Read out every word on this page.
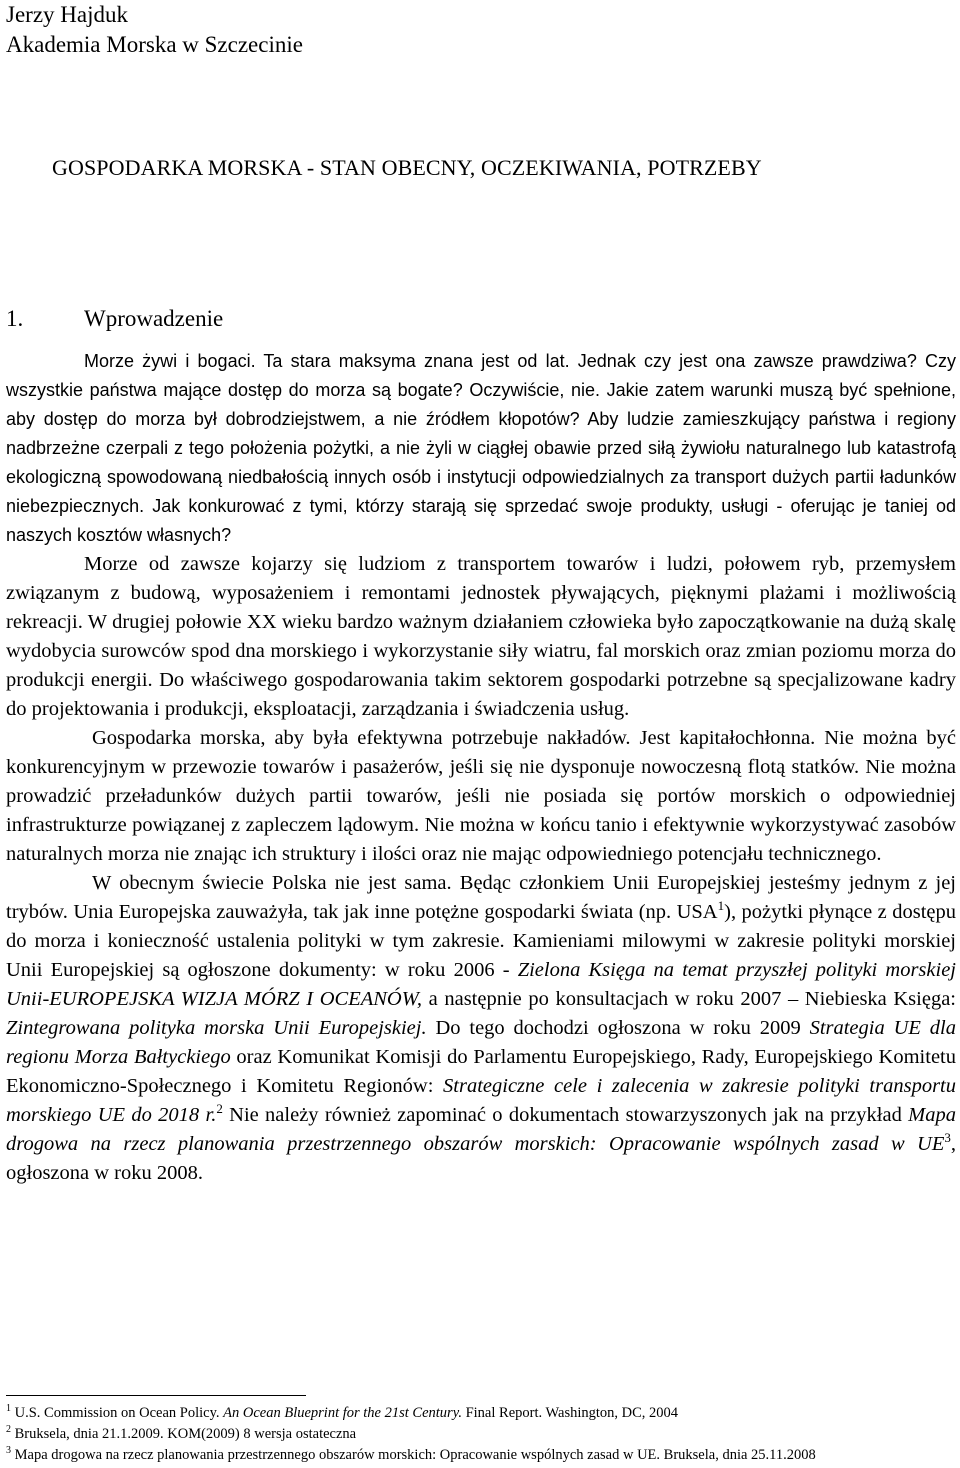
Jerzy Hajduk
Akademia Morska w Szczecinie
GOSPODARKA MORSKA - STAN OBECNY, OCZEKIWANIA, POTRZEBY
1.	Wprowadzenie

Morze żywi i bogaci. Ta stara maksyma znana jest od lat. Jednak czy jest ona zawsze prawdziwa? Czy wszystkie państwa mające dostęp do morza są bogate? Oczywiście, nie. Jakie zatem warunki muszą być spełnione, aby dostęp do morza był dobrodziejstwem, a nie źródłem kłopotów? Aby ludzie zamieszkujący państwa i regiony nadbrzeżne czerpali z tego położenia pożytki, a nie żyli w ciągłej obawie przed siłą żywiołu naturalnego lub katastrofą ekologiczną spowodowaną niedbałością innych osób i instytucji odpowiedzialnych za transport dużych partii ładunków niebezpiecznych. Jak konkurować z tymi, którzy starają się sprzedać swoje produkty, usługi - oferując je taniej od naszych kosztów własnych?

Morze od zawsze kojarzy się ludziom z transportem towarów i ludzi, połowem ryb, przemysłem związanym z budową, wyposażeniem i remontami jednostek pływających, pięknymi plażami i możliwością rekreacji. W drugiej połowie XX wieku bardzo ważnym działaniem człowieka było zapoczątkowanie na dużą skalę wydobycia surowców spod dna morskiego i wykorzystanie siły wiatru, fal morskich oraz zmian poziomu morza do produkcji energii. Do właściwego gospodarowania takim sektorem gospodarki potrzebne są specjalizowane kadry do projektowania i produkcji, eksploatacji, zarządzania i świadczenia usług.

Gospodarka morska, aby była efektywna potrzebuje nakładów. Jest kapitałochłonna. Nie można być konkurencyjnym w przewozie towarów i pasażerów, jeśli się nie dysponuje nowoczesną flotą statków. Nie można prowadzić przeładunków dużych partii towarów, jeśli nie posiada się portów morskich o odpowiedniej infrastrukturze powiązanej z zapleczem lądowym. Nie można w końcu tanio i efektywnie wykorzystywać zasobów naturalnych morza nie znając ich struktury i ilości oraz nie mając odpowiedniego potencjału technicznego.

W obecnym świecie Polska nie jest sama. Będąc członkiem Unii Europejskiej jesteśmy jednym z jej trybów. Unia Europejska zauważyła, tak jak inne potężne gospodarki świata (np. USA$^1$), pożytki płynące z dostępu do morza i konieczność ustalenia polityki w tym zakresie. Kamieniami milowymi w zakresie polityki morskiej Unii Europejskiej są ogłoszone dokumenty: w roku 2006 - Zielona Księga na temat przyszłej polityki morskiej Unii-EUROPEJSKA WIZJA MÓRZ I OCEANÓW, a następnie po konsultacjach w roku 2007 – Niebieska Księga: Zintegrowana polityka morska Unii Europejskiej. Do tego dochodzi ogłoszona w roku 2009 Strategia UE dla regionu Morza Bałtyckiego oraz Komunikat Komisji do Parlamentu Europejskiego, Rady, Europejskiego Komitetu Ekonomiczno-Społecznego i Komitetu Regionów: Strategiczne cele i zalecenia w zakresie polityki transportu morskiego UE do 2018 r.$^2$ Nie należy również zapominać o dokumentach stowarzyszonych jak na przykład Mapa drogowa na rzecz planowania przestrzennego obszarów morskich: Opracowanie wspólnych zasad w $UE^3$, ogłoszona w roku 2008.

$^1$ U.S. Commission on Ocean Policy. An Ocean Blueprint for the 21st Century. Final Report. Washington, DC, 2004

$^2$ Bruksela, dnia 21.1.2009. KOM(2009) 8 wersja ostateczna

$^3$ Mapa drogowa na rzecz planowania przestrzennego obszarów morskich: Opracowanie wspólnych zasad w UE. Bruksela, dnia 25.11.2008
